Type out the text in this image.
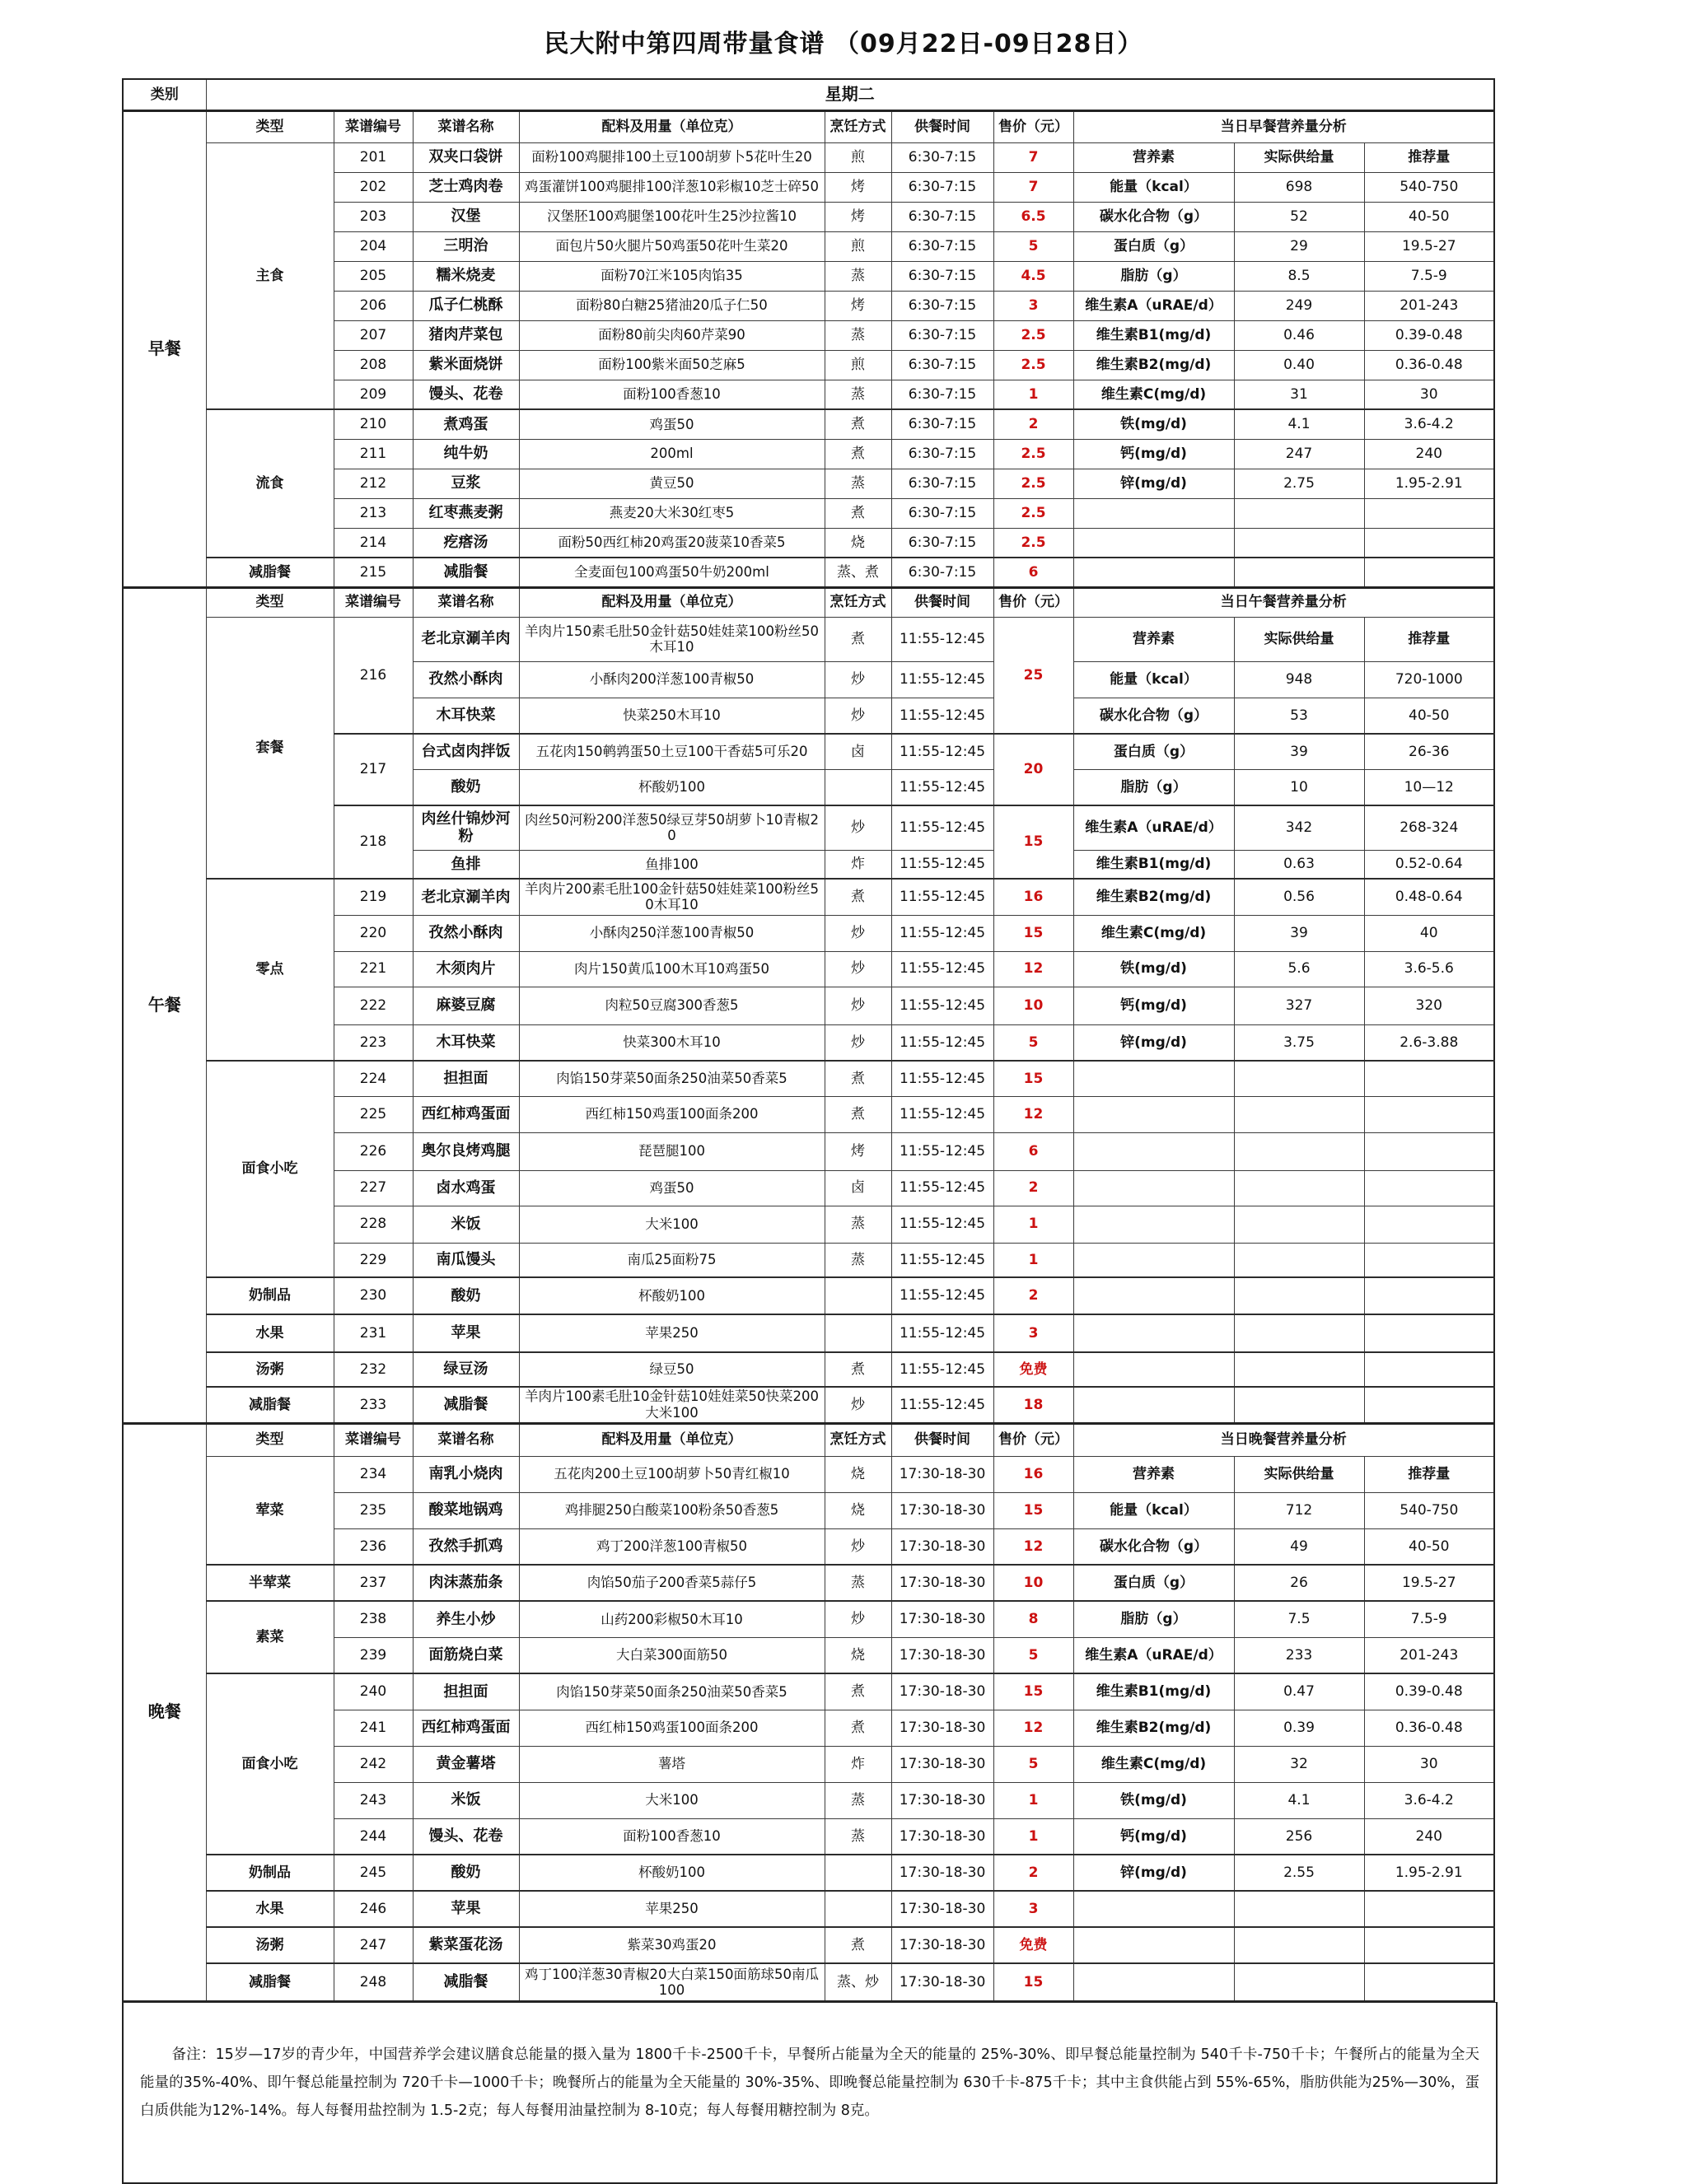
民大附中第四周带量食谱 （09月22日-09日28日）
类别	星期二									
早餐	类型	菜谱编号	菜谱名称	配料及用量（单位克）	烹饪方式	供餐时间	售价（元）	当日早餐营养量分析		
	主食	201	双夹口袋饼	面粉100鸡腿排100土豆100胡萝卜5花叶生20	煎	6:30-7:15	7	营养素	实际供给量	推荐量
		202	芝士鸡肉卷	鸡蛋灌饼100鸡腿排100洋葱10彩椒10芝士碎50	烤	6:30-7:15	7	能量（kcal）	698	540-750
		203	汉堡	汉堡胚100鸡腿堡100花叶生25沙拉酱10	烤	6:30-7:15	6.5	碳水化合物（g）	52	40-50
		204	三明治	面包片50火腿片50鸡蛋50花叶生菜20	煎	6:30-7:15	5	蛋白质（g）	29	19.5-27
		205	糯米烧麦	面粉70江米105肉馅35	蒸	6:30-7:15	4.5	脂肪（g）	8.5	7.5-9
		206	瓜子仁桃酥	面粉80白糖25猪油20瓜子仁50	烤	6:30-7:15	3	维生素A（uRAE/d）	249	201-243
		207	猪肉芹菜包	面粉80前尖肉60芹菜90	蒸	6:30-7:15	2.5	维生素B1(mg/d)	0.46	0.39-0.48
		208	紫米面烧饼	面粉100紫米面50芝麻5	煎	6:30-7:15	2.5	维生素B2(mg/d)	0.40	0.36-0.48
		209	馒头、花卷	面粉100香葱10	蒸	6:30-7:15	1	维生素C(mg/d)	31	30
	流食	210	煮鸡蛋	鸡蛋50	煮	6:30-7:15	2	铁(mg/d)	4.1	3.6-4.2
		211	纯牛奶	200ml	煮	6:30-7:15	2.5	钙(mg/d)	247	240
		212	豆浆	黄豆50	蒸	6:30-7:15	2.5	锌(mg/d)	2.75	1.95-2.91
		213	红枣燕麦粥	燕麦20大米30红枣5	煮	6:30-7:15	2.5			
		214	疙瘩汤	面粉50西红柿20鸡蛋20菠菜10香菜5	烧	6:30-7:15	2.5			
	减脂餐	215	减脂餐	全麦面包100鸡蛋50牛奶200ml	蒸、煮	6:30-7:15	6			
午餐	类型	菜谱编号	菜谱名称	配料及用量（单位克）	烹饪方式	供餐时间	售价（元）	当日午餐营养量分析		
	套餐	216	老北京涮羊肉	羊肉片150素毛肚50金针菇50娃娃菜100粉丝50木耳10	煮	11:55-12:45	25	营养素	实际供给量	推荐量
			孜然小酥肉	小酥肉200洋葱100青椒50	炒	11:55-12:45		能量（kcal）	948	720-1000
			木耳快菜	快菜250木耳10	炒	11:55-12:45		碳水化合物（g）	53	40-50
		217	台式卤肉拌饭	五花肉150鹌鹑蛋50土豆100干香菇5可乐20	卤	11:55-12:45	20	蛋白质（g）	39	26-36
			酸奶	杯酸奶100		11:55-12:45		脂肪（g）	10	10—12
		218	肉丝什锦炒河粉	肉丝50河粉200洋葱50绿豆芽50胡萝卜10青椒20	炒	11:55-12:45	15	维生素A（uRAE/d）	342	268-324
			鱼排	鱼排100	炸	11:55-12:45		维生素B1(mg/d)	0.63	0.52-0.64
	零点	219	老北京涮羊肉	羊肉片200素毛肚100金针菇50娃娃菜100粉丝50木耳10	煮	11:55-12:45	16	维生素B2(mg/d)	0.56	0.48-0.64
		220	孜然小酥肉	小酥肉250洋葱100青椒50	炒	11:55-12:45	15	维生素C(mg/d)	39	40
		221	木须肉片	肉片150黄瓜100木耳10鸡蛋50	炒	11:55-12:45	12	铁(mg/d)	5.6	3.6-5.6
		222	麻婆豆腐	肉粒50豆腐300香葱5	炒	11:55-12:45	10	钙(mg/d)	327	320
		223	木耳快菜	快菜300木耳10	炒	11:55-12:45	5	锌(mg/d)	3.75	2.6-3.88
	面食小吃	224	担担面	肉馅150芽菜50面条250油菜50香菜5	煮	11:55-12:45	15			
		225	西红柿鸡蛋面	西红柿150鸡蛋100面条200	煮	11:55-12:45	12			
		226	奥尔良烤鸡腿	琵琶腿100	烤	11:55-12:45	6			
		227	卤水鸡蛋	鸡蛋50	卤	11:55-12:45	2			
		228	米饭	大米100	蒸	11:55-12:45	1			
		229	南瓜馒头	南瓜25面粉75	蒸	11:55-12:45	1			
	奶制品	230	酸奶	杯酸奶100		11:55-12:45	2			
	水果	231	苹果	苹果250		11:55-12:45	3			
	汤粥	232	绿豆汤	绿豆50	煮	11:55-12:45	免费			
	减脂餐	233	减脂餐	羊肉片100素毛肚10金针菇10娃娃菜50快菜200大米100	炒	11:55-12:45	18			
晚餐	类型	菜谱编号	菜谱名称	配料及用量（单位克）	烹饪方式	供餐时间	售价（元）	当日晚餐营养量分析		
	荤菜	234	南乳小烧肉	五花肉200土豆100胡萝卜50青红椒10	烧	17:30-18-30	16	营养素	实际供给量	推荐量
		235	酸菜地锅鸡	鸡排腿250白酸菜100粉条50香葱5	烧	17:30-18-30	15	能量（kcal）	712	540-750
		236	孜然手抓鸡	鸡丁200洋葱100青椒50	炒	17:30-18-30	12	碳水化合物（g）	49	40-50
	半荤菜	237	肉沫蒸茄条	肉馅50茄子200香菜5蒜仔5	蒸	17:30-18-30	10	蛋白质（g）	26	19.5-27
	素菜	238	养生小炒	山药200彩椒50木耳10	炒	17:30-18-30	8	脂肪（g）	7.5	7.5-9
		239	面筋烧白菜	大白菜300面筋50	烧	17:30-18-30	5	维生素A（uRAE/d）	233	201-243
	面食小吃	240	担担面	肉馅150芽菜50面条250油菜50香菜5	煮	17:30-18-30	15	维生素B1(mg/d)	0.47	0.39-0.48
		241	西红柿鸡蛋面	西红柿150鸡蛋100面条200	煮	17:30-18-30	12	维生素B2(mg/d)	0.39	0.36-0.48
		242	黄金薯塔	薯塔	炸	17:30-18-30	5	维生素C(mg/d)	32	30
		243	米饭	大米100	蒸	17:30-18-30	1	铁(mg/d)	4.1	3.6-4.2
		244	馒头、花卷	面粉100香葱10	蒸	17:30-18-30	1	钙(mg/d)	256	240
	奶制品	245	酸奶	杯酸奶100		17:30-18-30	2	锌(mg/d)	2.55	1.95-2.91
	水果	246	苹果	苹果250		17:30-18-30	3			
	汤粥	247	紫菜蛋花汤	紫菜30鸡蛋20	煮	17:30-18-30	免费			
	减脂餐	248	减脂餐	鸡丁100洋葱30青椒20大白菜150面筋球50南瓜100	蒸、炒	17:30-18-30	15			
备注：15岁—17岁的青少年，中国营养学会建议膳食总能量的摄入量为 1800千卡-2500千卡，早餐所占能量为全天的能量的 25%-30%、即早餐总能量控制为 540千卡-750千卡；午餐所占的能量为全天能量的35%-40%、即午餐总能量控制为 720千卡—1000千卡；晚餐所占的能量为全天能量的 30%-35%、即晚餐总能量控制为 630千卡-875千卡；其中主食供能占到 55%-65%，脂肪供能为25%—30%，蛋白质供能为12%-14%。每人每餐用盐控制为 1.5-2克；每人每餐用油量控制为 8-10克；每人每餐用糖控制为 8克。
